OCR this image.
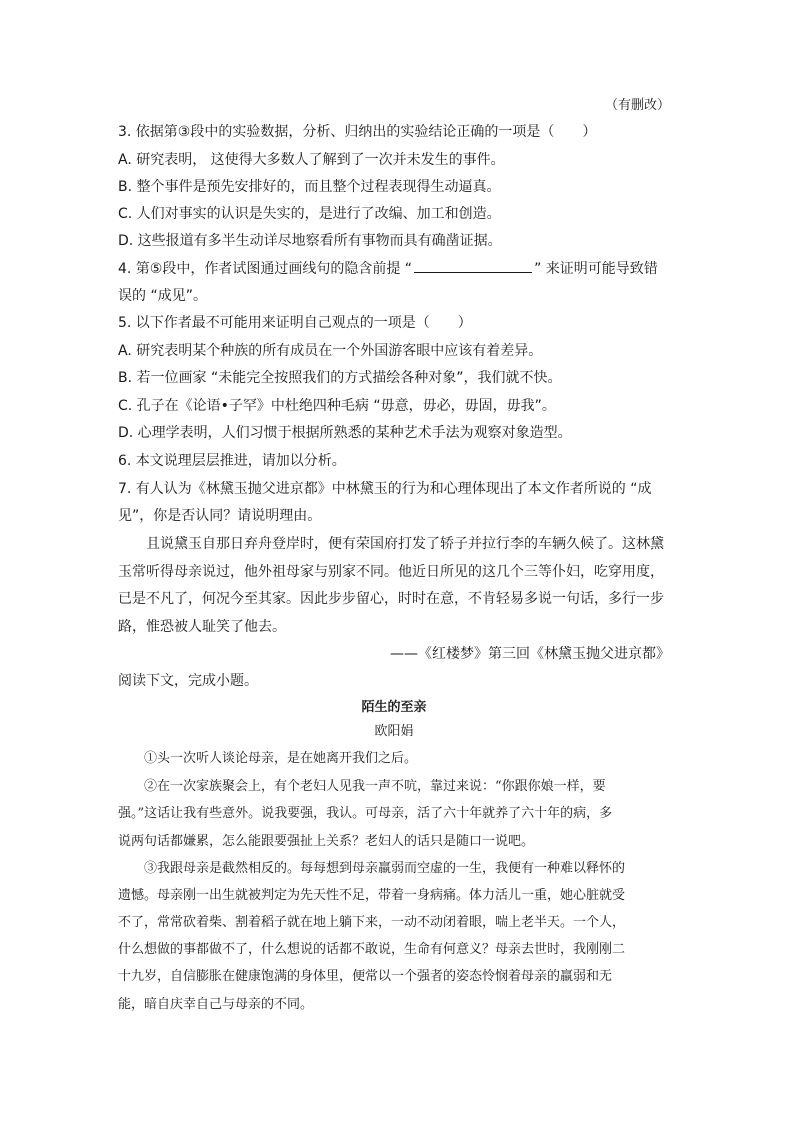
（有删改）
3. 依据第③段中的实验数据，分析、归纳出的实验结论正确的一项是（　　）
A. 研究表明， 这使得大多数人了解到了一次并未发生的事件。
B. 整个事件是预先安排好的，而且整个过程表现得生动逼真。
C. 人们对事实的认识是失实的，是进行了改编、加工和创造。
D. 这些报道有多半生动详尽地察看所有事物而具有确凿证据。
4. 第⑤段中，作者试图通过画线句的隐含前提 “	” 来证明可能导致错
误的 “成见”。
5. 以下作者最不可能用来证明自己观点的一项是（　　）
A. 研究表明某个种族的所有成员在一个外国游客眼中应该有着差异。
B. 若一位画家 “未能完全按照我们的方式描绘各种对象”，我们就不快。
C. 孔子在《论语•子罕》中杜绝四种毛病 “毋意，毋必，毋固，毋我”。
D. 心理学表明，人们习惯于根据所熟悉的某种艺术手法为观察对象造型。
6. 本文说理层层推进，请加以分析。
7. 有人认为《林黛玉抛父进京都》中林黛玉的行为和心理体现出了本文作者所说的 “成
见”，你是否认同？请说明理由。
　　且说黛玉自那日弃舟登岸时，便有荣国府打发了轿子并拉行李的车辆久候了。这林黛
玉常听得母亲说过，他外祖母家与别家不同。他近日所见的这几个三等仆妇，吃穿用度，
已是不凡了，何况今至其家。因此步步留心，时时在意，不肯轻易多说一句话，多行一步
路，惟恐被人耻笑了他去。
——《红楼梦》第三回《林黛玉抛父进京都》
阅读下文，完成小题。
陌生的至亲
欧阳娟
　　①头一次听人谈论母亲，是在她离开我们之后。
　　②在一次家族聚会上，有个老妇人见我一声不吭，靠过来说：“你跟你娘一样，要
强。”这话让我有些意外。说我要强，我认。可母亲，活了六十年就养了六十年的病，多
说两句话都嫌累，怎么能跟要强扯上关系？老妇人的话只是随口一说吧。
　　③我跟母亲是截然相反的。每每想到母亲羸弱而空虚的一生，我便有一种难以释怀的
遗憾。母亲刚一出生就被判定为先天性不足，带着一身病痛。体力活儿一重，她心脏就受
不了，常常砍着柴、割着稻子就在地上躺下来，一动不动闭着眼，喘上老半天。一个人，
什么想做的事都做不了，什么想说的话都不敢说，生命有何意义？母亲去世时，我刚刚二
十九岁，自信膨胀在健康饱满的身体里，便常以一个强者的姿态怜悯着母亲的羸弱和无
能，暗自庆幸自己与母亲的不同。
